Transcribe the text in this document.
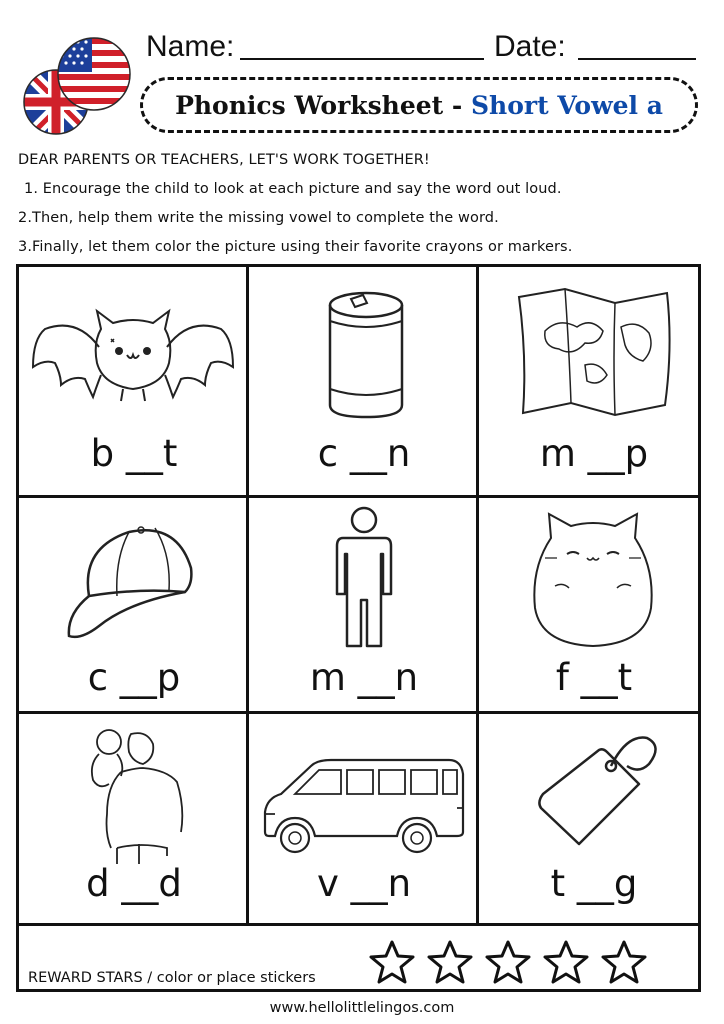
Name:	Date:
Phonics Worksheet - Short Vowel a
DEAR PARENTS OR TEACHERS, LET'S WORK TOGETHER!
1. Encourage the child to look at each picture and say the word out loud.
2.Then, help them write the missing vowel to complete the word.
3.Finally, let them color the picture using their favorite crayons or markers.
b __t	c __n	m __p
c __p	m __n	f __t
d __d	v __n	t __g
REWARD STARS / color or place stickers
www.hellolittlelingos.com
